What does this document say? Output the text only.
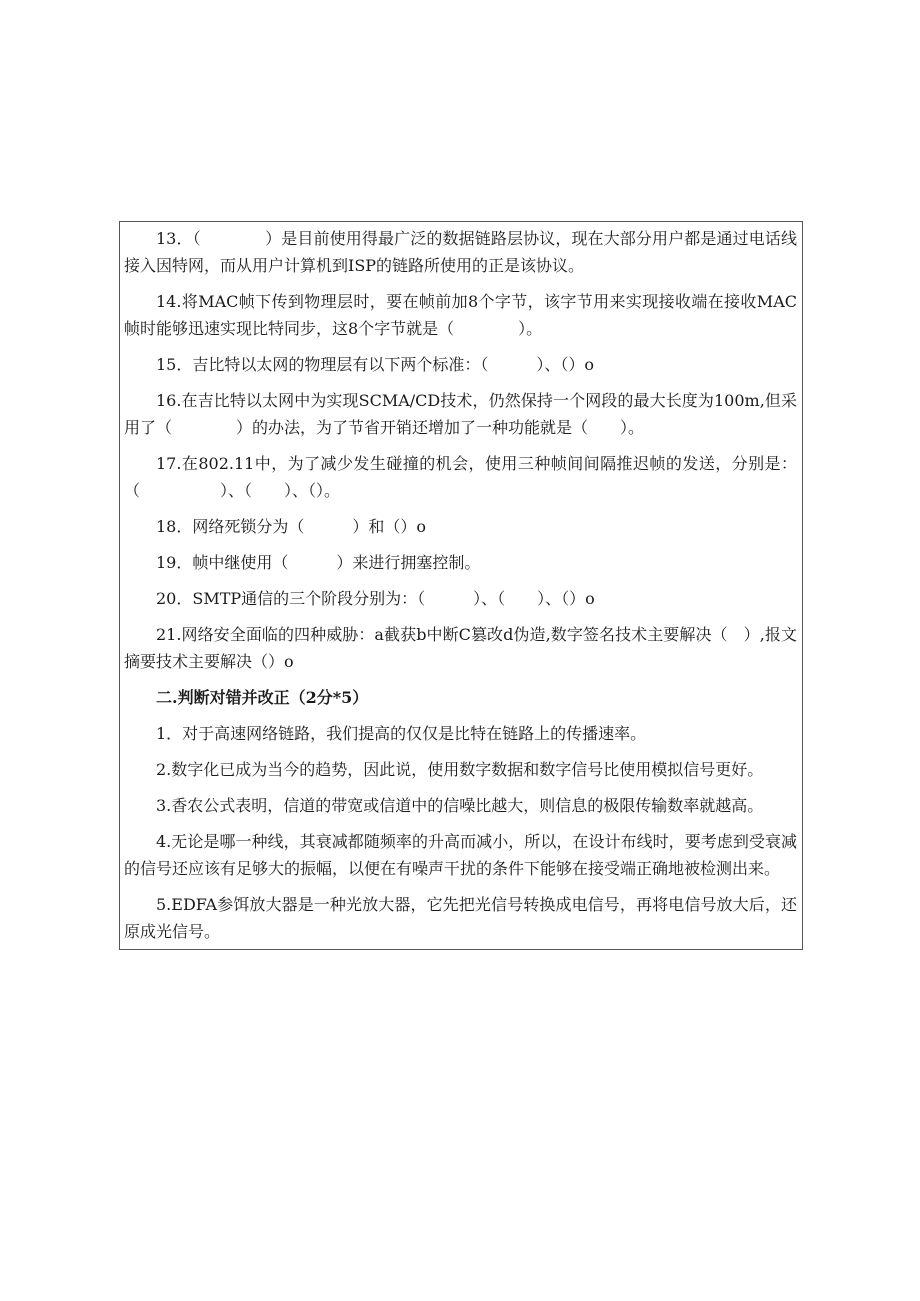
13．（　　　　）是目前使用得最广泛的数据链路层协议，现在大部分用户都是通过电话线接入因特网，而从用户计算机到ISP的链路所使用的正是该协议。

14.将MAC帧下传到物理层时，要在帧前加8个字节，该字节用来实现接收端在接收MAC帧时能够迅速实现比特同步，这8个字节就是（　　　　）。

15．吉比特以太网的物理层有以下两个标准：（　　　）、（）o

16.在吉比特以太网中为实现SCMA/CD技术，仍然保持一个网段的最大长度为100m,但采用了（　　　　）的办法，为了节省开销还增加了一种功能就是（　　）。

17.在802.11中，为了减少发生碰撞的机会，使用三种帧间间隔推迟帧的发送，分别是：（　　　　　）、（　　）、（）。

18．网络死锁分为（　　　）和（）o

19．帧中继使用（　　　）来进行拥塞控制。

20．SMTP通信的三个阶段分别为：（　　　）、（　　）、（）o

21.网络安全面临的四种威胁：a截获b中断C篡改d伪造,数字签名技术主要解决（　）,报文摘要技术主要解决（）o

二.判断对错并改正（2分*5）

1．对于高速网络链路，我们提高的仅仅是比特在链路上的传播速率。

2.数字化已成为当今的趋势，因此说，使用数字数据和数字信号比使用模拟信号更好。

3.香农公式表明，信道的带宽或信道中的信噪比越大，则信息的极限传输数率就越高。

4.无论是哪一种线，其衰减都随频率的升高而减小，所以，在设计布线时，要考虑到受衰减的信号还应该有足够大的振幅，以便在有噪声干扰的条件下能够在接受端正确地被检测出来。

5.EDFA参饵放大器是一种光放大器，它先把光信号转换成电信号，再将电信号放大后，还原成光信号。
